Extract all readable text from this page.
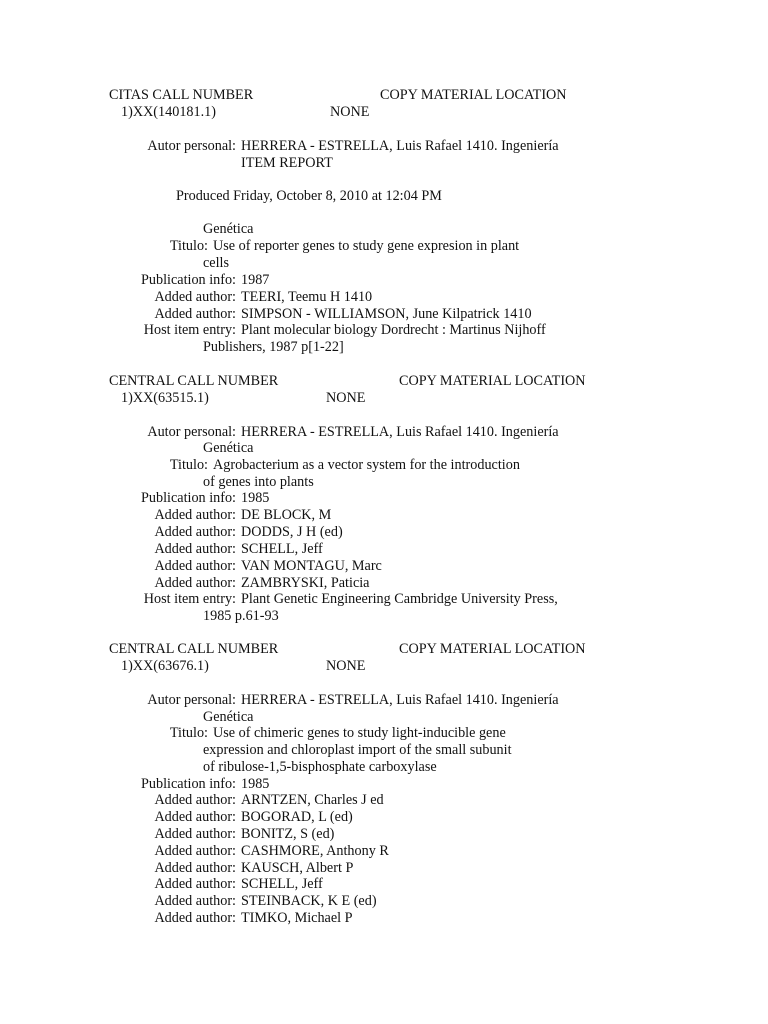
CITAS CALL NUMBER	COPY MATERIAL LOCATION
1)XX(140181.1)	NONE
Autor personal: HERRERA - ESTRELLA, Luis Rafael 1410. Ingeniería
ITEM REPORT
Produced Friday, October 8, 2010 at 12:04 PM
Genética
Titulo: Use of reporter genes to study gene expresion in plant
cells
Publication info: 1987
Added author: TEERI, Teemu H 1410
Added author: SIMPSON - WILLIAMSON, June Kilpatrick 1410
Host item entry: Plant molecular biology Dordrecht : Martinus Nijhoff
Publishers, 1987 p[1-22]
CENTRAL CALL NUMBER	COPY MATERIAL LOCATION
1)XX(63515.1)	NONE
Autor personal: HERRERA - ESTRELLA, Luis Rafael 1410. Ingeniería
Genética
Titulo: Agrobacterium as a vector system for the introduction
of genes into plants
Publication info: 1985
Added author: DE BLOCK, M
Added author: DODDS, J H (ed)
Added author: SCHELL, Jeff
Added author: VAN MONTAGU, Marc
Added author: ZAMBRYSKI, Paticia
Host item entry: Plant Genetic Engineering Cambridge University Press,
1985 p.61-93
CENTRAL CALL NUMBER	COPY MATERIAL LOCATION
1)XX(63676.1)	NONE
Autor personal: HERRERA - ESTRELLA, Luis Rafael 1410. Ingeniería
Genética
Titulo: Use of chimeric genes to study light-inducible gene
expression and chloroplast import of the small subunit
of ribulose-1,5-bisphosphate carboxylase
Publication info: 1985
Added author: ARNTZEN, Charles J ed
Added author: BOGORAD, L (ed)
Added author: BONITZ, S (ed)
Added author: CASHMORE, Anthony R
Added author: KAUSCH, Albert P
Added author: SCHELL, Jeff
Added author: STEINBACK, K E (ed)
Added author: TIMKO, Michael P
